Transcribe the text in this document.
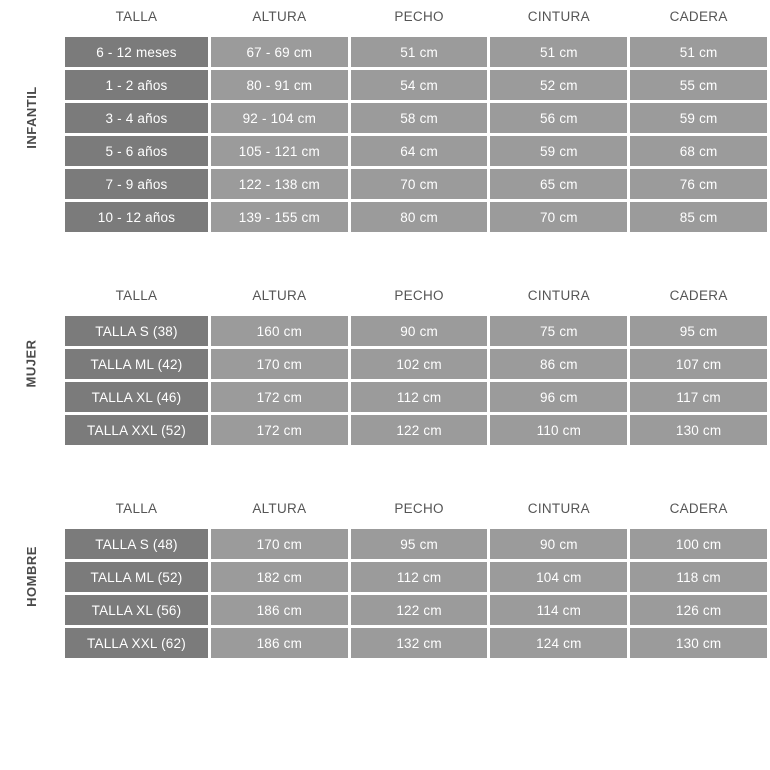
INFANTIL
TALLA	ALTURA	PECHO	CINTURA	CADERA
6 - 12 meses	67 - 69 cm	51 cm	51 cm	51 cm
1 - 2 años	80 - 91 cm	54 cm	52 cm	55 cm
3 - 4 años	92 - 104 cm	58 cm	56 cm	59 cm
5 - 6 años	105 - 121 cm	64 cm	59 cm	68 cm
7 - 9 años	122 - 138 cm	70 cm	65 cm	76 cm
10 - 12 años	139 - 155 cm	80 cm	70 cm	85 cm
MUJER
TALLA	ALTURA	PECHO	CINTURA	CADERA
TALLA S (38)	160 cm	90 cm	75 cm	95 cm
TALLA ML (42)	170 cm	102 cm	86 cm	107 cm
TALLA XL (46)	172 cm	112 cm	96 cm	117 cm
TALLA XXL (52)	172 cm	122 cm	110 cm	130 cm
HOMBRE
TALLA	ALTURA	PECHO	CINTURA	CADERA
TALLA S (48)	170 cm	95 cm	90 cm	100 cm
TALLA ML (52)	182 cm	112 cm	104 cm	118 cm
TALLA XL (56)	186 cm	122 cm	114 cm	126 cm
TALLA XXL (62)	186 cm	132 cm	124 cm	130 cm
